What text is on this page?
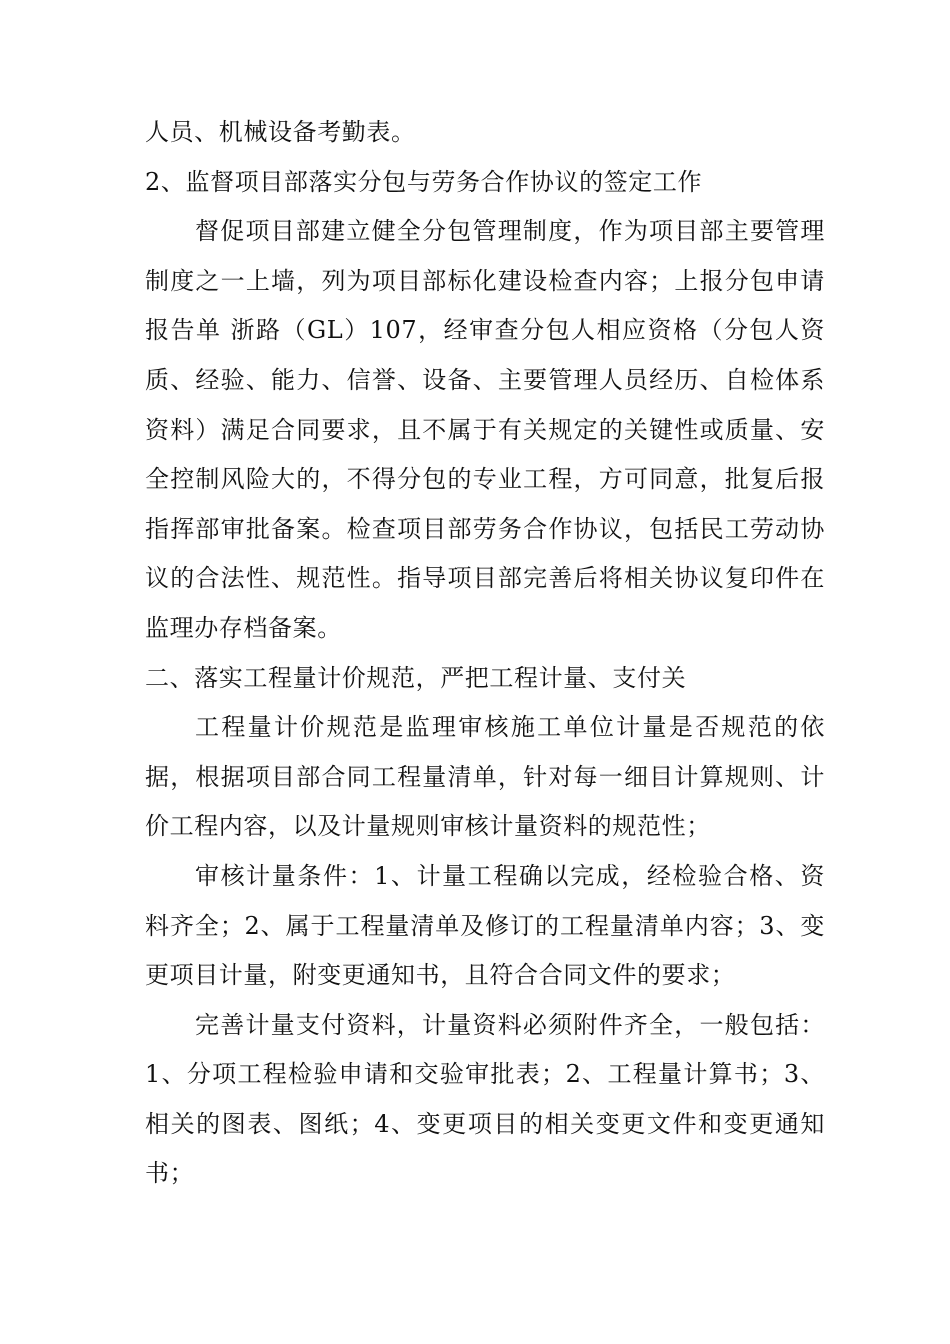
人员、机械设备考勤表。

2、监督项目部落实分包与劳务合作协议的签定工作

督促项目部建立健全分包管理制度，作为项目部主要管理制度之一上墙，列为项目部标化建设检查内容；上报分包申请报告单 浙路（GL）107，经审查分包人相应资格（分包人资质、经验、能力、信誉、设备、主要管理人员经历、自检体系资料）满足合同要求，且不属于有关规定的关键性或质量、安全控制风险大的，不得分包的专业工程，方可同意，批复后报指挥部审批备案。检查项目部劳务合作协议，包括民工劳动协议的合法性、规范性。指导项目部完善后将相关协议复印件在监理办存档备案。

二、落实工程量计价规范，严把工程计量、支付关

工程量计价规范是监理审核施工单位计量是否规范的依据，根据项目部合同工程量清单，针对每一细目计算规则、计价工程内容，以及计量规则审核计量资料的规范性；

审核计量条件：1、计量工程确以完成，经检验合格、资料齐全；2、属于工程量清单及修订的工程量清单内容；3、变更项目计量，附变更通知书，且符合合同文件的要求；

完善计量支付资料，计量资料必须附件齐全，一般包括：1、分项工程检验申请和交验审批表；2、工程量计算书；3、相关的图表、图纸；4、变更项目的相关变更文件和变更通知书；
